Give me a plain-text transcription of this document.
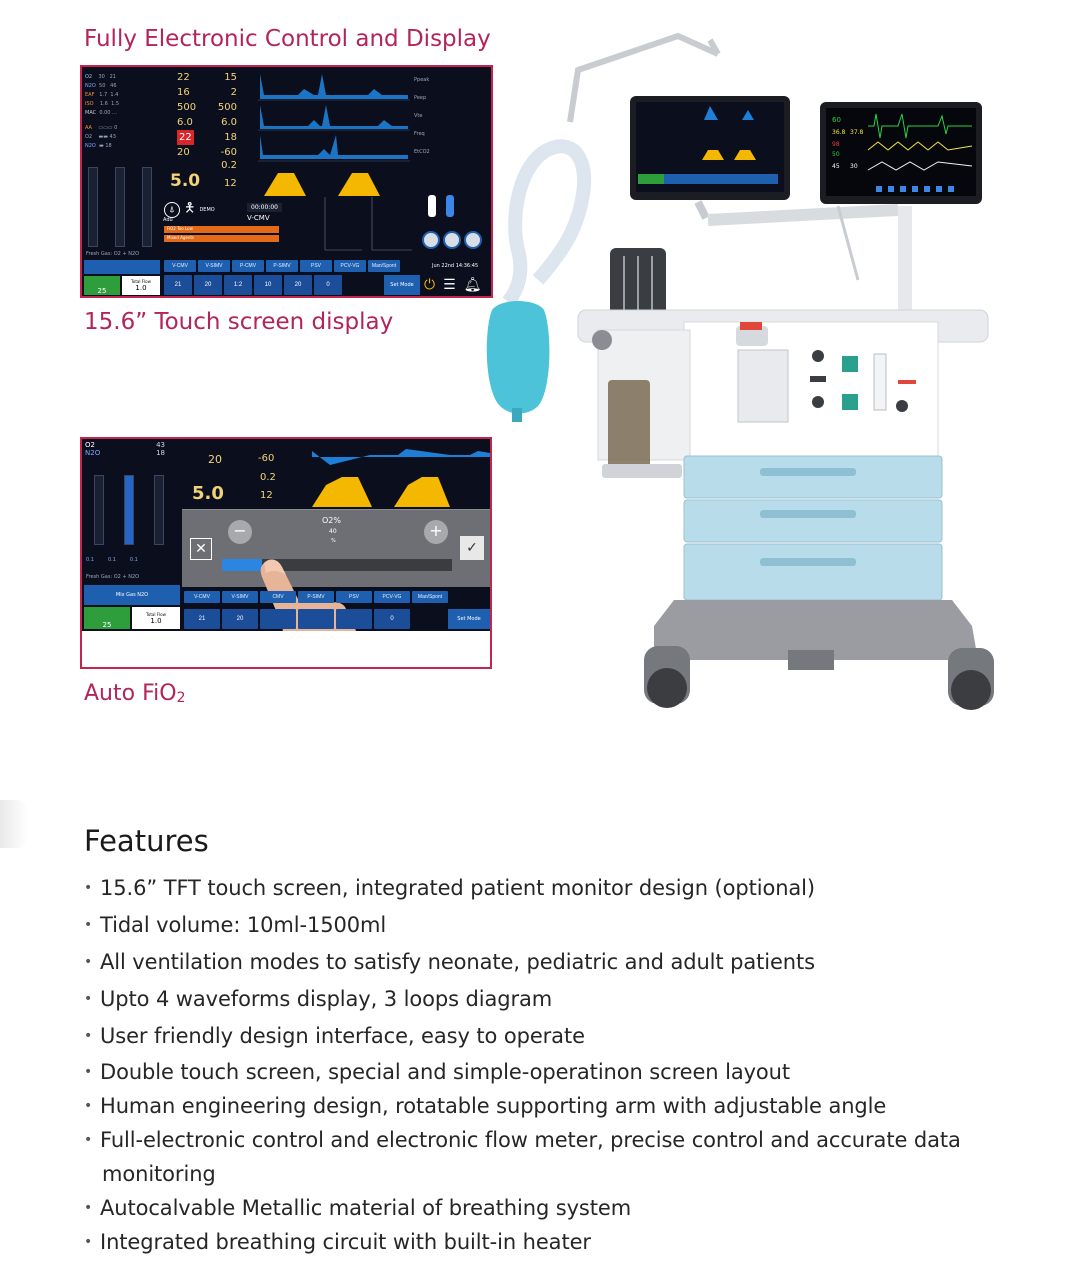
Fully Electronic Control and Display
15.6” Touch screen display
Auto FiO$_2$
O2    30   21
N2O  50   46
EAF   1.7  1.4
ISO    1.6  1.5
MAC  0.00 ...
AA    ▭▭▭ 0
O2    ▬▬ 43
N2O  ▬ 18
22	15
16	2
500 500
6.0	6.0
22	18
20	-60
0.2
5.0 12
Ppeak
Peep
Vte
Freq
EtCO2
⍋ 🯅 DEMO
Adu
00:00:00
V-CMV
FiO2 Too Low
Mixed Agents
Fresh Gas: O2 + N2O
V-CMV	V-SIMV	P-CMV	P-SIMV	PSV	PCV-VG	Man/Spont	Jun 22nd 14:36:45
21	20	1:2	10	20	0	Set Mode ⏻ ☰ 🔔︎
25
Total Flow
1.0
O2	43
N2O	18	20	-60
0.2
5.0	12
0.1	0.1	0.1
Fresh Gas: O2 + N2O
✕
−	+
✓
O2%
40
%
V-CMV	V-SIMV	CMV	P-SIMV	PSV	PCV-VG	Man/Spont
21	20	0	Set Mode
Mix Gas N2O
25
Total Flow
1.0
60
36.8 37.8
98
50
45 30
Features
• 15.6” TFT touch screen, integrated patient monitor design (optional)
• Tidal volume: 10ml-1500ml
• All ventilation modes to satisfy neonate, pediatric and adult patients
• Upto 4 waveforms display, 3 loops diagram
• User friendly design interface, easy to operate
• Double touch screen, special and simple-operatinon screen layout
• Human engineering design, rotatable supporting arm with adjustable angle
• Full-electronic control and electronic flow meter, precise control and accurate data
monitoring
• Autocalvable Metallic material of breathing system
• Integrated breathing circuit with built-in heater
